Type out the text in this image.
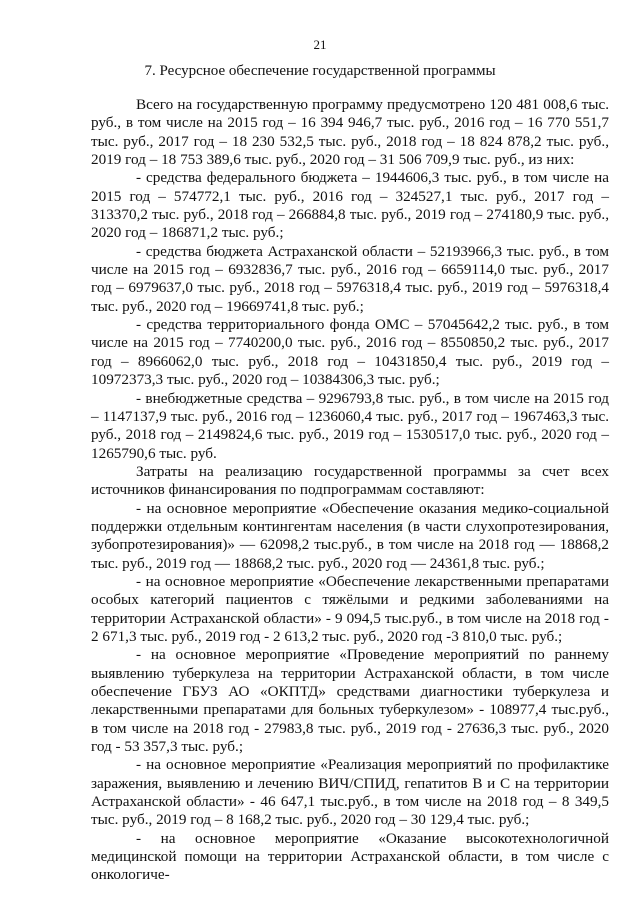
21
7. Ресурсное обеспечение государственной программы

Всего на государственную программу предусмотрено 120 481 008,6 тыс. руб., в том числе на 2015 год – 16 394 946,7 тыс. руб., 2016 год – 16 770 551,7 тыс. руб., 2017 год – 18 230 532,5 тыс. руб., 2018 год – 18 824 878,2 тыс. руб., 2019 год – 18 753 389,6 тыс. руб., 2020 год – 31 506 709,9 тыс. руб., из них:

- средства федерального бюджета – 1944606,3 тыс. руб., в том числе на 2015 год – 574772,1 тыс. руб., 2016 год – 324527,1 тыс. руб., 2017 год – 313370,2 тыс. руб., 2018 год – 266884,8 тыс. руб., 2019 год – 274180,9 тыс. руб., 2020 год – 186871,2 тыс. руб.;

- средства бюджета Астраханской области – 52193966,3 тыс. руб., в том числе на 2015 год – 6932836,7 тыс. руб., 2016 год – 6659114,0 тыс. руб., 2017 год – 6979637,0 тыс. руб., 2018 год – 5976318,4 тыс. руб., 2019 год – 5976318,4 тыс. руб., 2020 год – 19669741,8 тыс. руб.;

- средства территориального фонда ОМС – 57045642,2 тыс. руб., в том числе на 2015 год – 7740200,0 тыс. руб., 2016 год – 8550850,2 тыс. руб., 2017 год – 8966062,0 тыс. руб., 2018 год – 10431850,4 тыс. руб., 2019 год – 10972373,3 тыс. руб., 2020 год – 10384306,3 тыс. руб.;

- внебюджетные средства – 9296793,8 тыс. руб., в том числе на 2015 год – 1147137,9 тыс. руб., 2016 год – 1236060,4 тыс. руб., 2017 год – 1967463,3 тыс. руб., 2018 год – 2149824,6 тыс. руб., 2019 год – 1530517,0 тыс. руб., 2020 год – 1265790,6 тыс. руб.

Затраты на реализацию государственной программы за счет всех источников финансирования по подпрограммам составляют:

- на основное мероприятие «Обеспечение оказания медико-социальной поддержки отдельным контингентам населения (в части слухопротезирования, зубопротезирования)» — 62098,2 тыс.руб., в том числе на 2018 год — 18868,2 тыс. руб., 2019 год — 18868,2 тыс. руб., 2020 год — 24361,8 тыс. руб.;

- на основное мероприятие «Обеспечение лекарственными препаратами особых категорий пациентов с тяжёлыми и редкими заболеваниями на территории Астраханской области» - 9 094,5 тыс.руб., в том числе на 2018 год - 2 671,3 тыс. руб., 2019 год - 2 613,2 тыс. руб., 2020 год -3 810,0 тыс. руб.;

- на основное мероприятие «Проведение мероприятий по раннему выявлению туберкулеза на территории Астраханской области, в том числе обеспечение ГБУЗ АО «ОКПТД» средствами диагностики туберкулеза и лекарственными препаратами для больных туберкулезом» - 108977,4 тыс.руб., в том числе на 2018 год - 27983,8 тыс. руб., 2019 год - 27636,3 тыс. руб., 2020 год - 53 357,3 тыс. руб.;

- на основное мероприятие «Реализация мероприятий по профилактике заражения, выявлению и лечению ВИЧ/СПИД, гепатитов В и С на территории Астраханской области» - 46 647,1 тыс.руб., в том числе на 2018 год – 8 349,5 тыс. руб., 2019 год – 8 168,2 тыс. руб., 2020 год – 30 129,4 тыс. руб.;

- на основное мероприятие «Оказание высокотехнологичной медицинской помощи на территории Астраханской области, в том числе с онкологиче-
